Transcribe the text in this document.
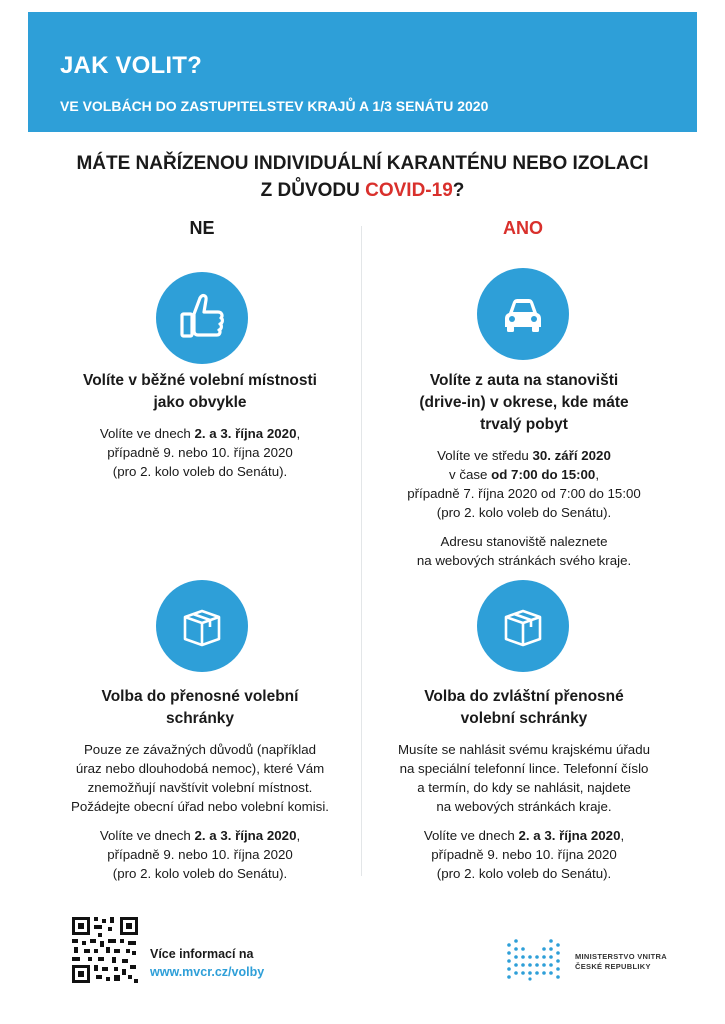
JAK VOLIT?
VE VOLBÁCH DO ZASTUPITELSTEV KRAJŮ A 1/3 SENÁTU 2020
MÁTE NAŘÍZENOU INDIVIDUÁLNÍ KARANTÉNU NEBO IZOLACI
Z DŮVODU COVID-19?
NE	ANO
Volíte v běžné volební místnosti
jako obvykle
Volíte ve dnech 2. a 3. října 2020,
případně 9. nebo 10. října 2020
(pro 2. kolo voleb do Senátu).
Volíte z auta na stanovišti
(drive-in) v okrese, kde máte
trvalý pobyt
Volíte ve středu 30. září 2020
v čase od 7:00 do 15:00,
případně 7. října 2020 od 7:00 do 15:00
(pro 2. kolo voleb do Senátu).
Adresu stanoviště naleznete
na webových stránkách svého kraje.
Volba do přenosné volební
schránky
Pouze ze závažných důvodů (například
úraz nebo dlouhodobá nemoc), které Vám
znemožňují navštívit volební místnost.
Požádejte obecní úřad nebo volební komisi.
Volíte ve dnech 2. a 3. října 2020,
případně 9. nebo 10. října 2020
(pro 2. kolo voleb do Senátu).
Volba do zvláštní přenosné
volební schránky
Musíte se nahlásit svému krajskému úřadu
na speciální telefonní lince. Telefonní číslo
a termín, do kdy se nahlásit, najdete
na webových stránkách kraje.
Volíte ve dnech 2. a 3. října 2020,
případně 9. nebo 10. října 2020
(pro 2. kolo voleb do Senátu).
Více informací na
www.mvcr.cz/volby
MINISTERSTVO VNITRA
ČESKÉ REPUBLIKY
